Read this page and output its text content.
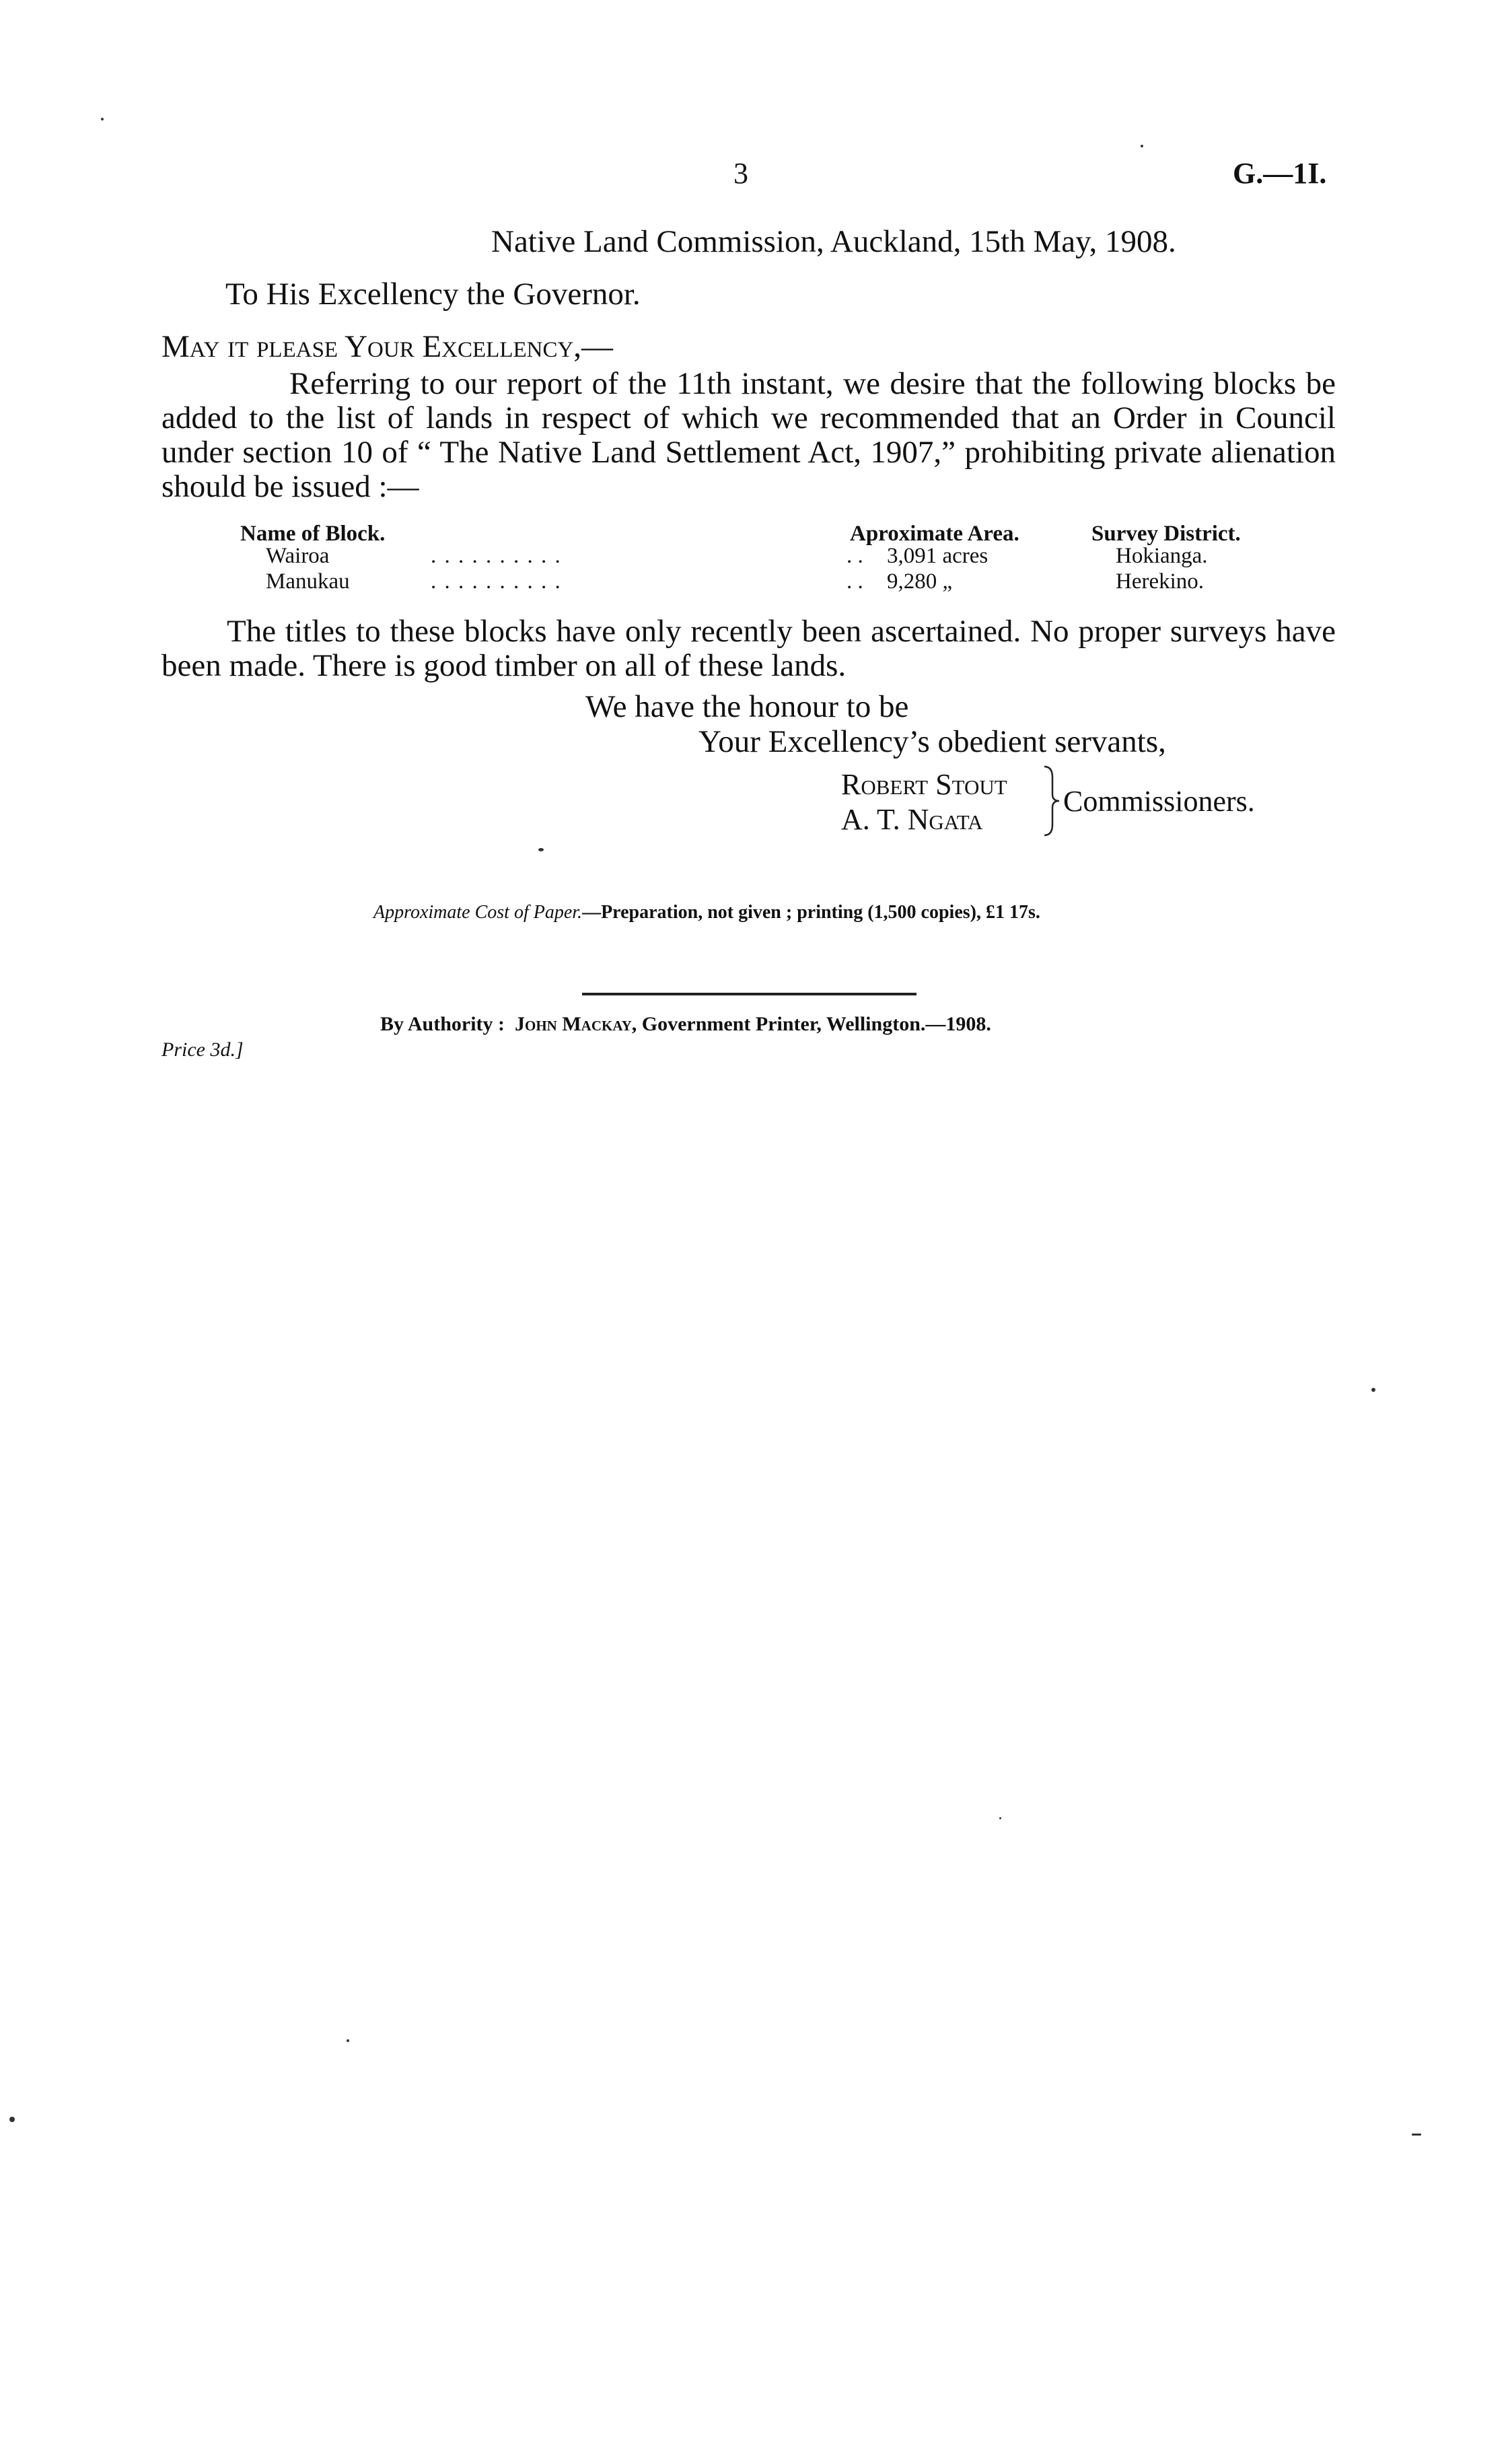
3	G.—1I.
Native Land Commission, Auckland, 15th May, 1908.
To His Excellency the Governor.
May it please Your Excellency,—
Referring to our report of the 11th instant, we desire that the following blocks be added to the list of lands in respect of which we recommended that an Order in Council under section 10 of “ The Native Land Settlement Act, 1907,” prohibiting private alienation should be issued :—
Name of Block.	Aproximate Area.	Survey District.
Wairoa	. . . . . . . . . .	. . 3,091 acres	Hokianga.
Manukau	. . . . . . . . . .	. . 9,280 „	Herekino.
The titles to these blocks have only recently been ascertained. No proper surveys have been made. There is good timber on all of these lands.
We have the honour to be
Your Excellency’s obedient servants,
Robert Stout
A. T. Ngata
Commissioners.
Approximate Cost of Paper.—Preparation, not given ; printing (1,500 copies), £1 17s.
By Authority : John Mackay, Government Printer, Wellington.—1908.
Price 3d.]
